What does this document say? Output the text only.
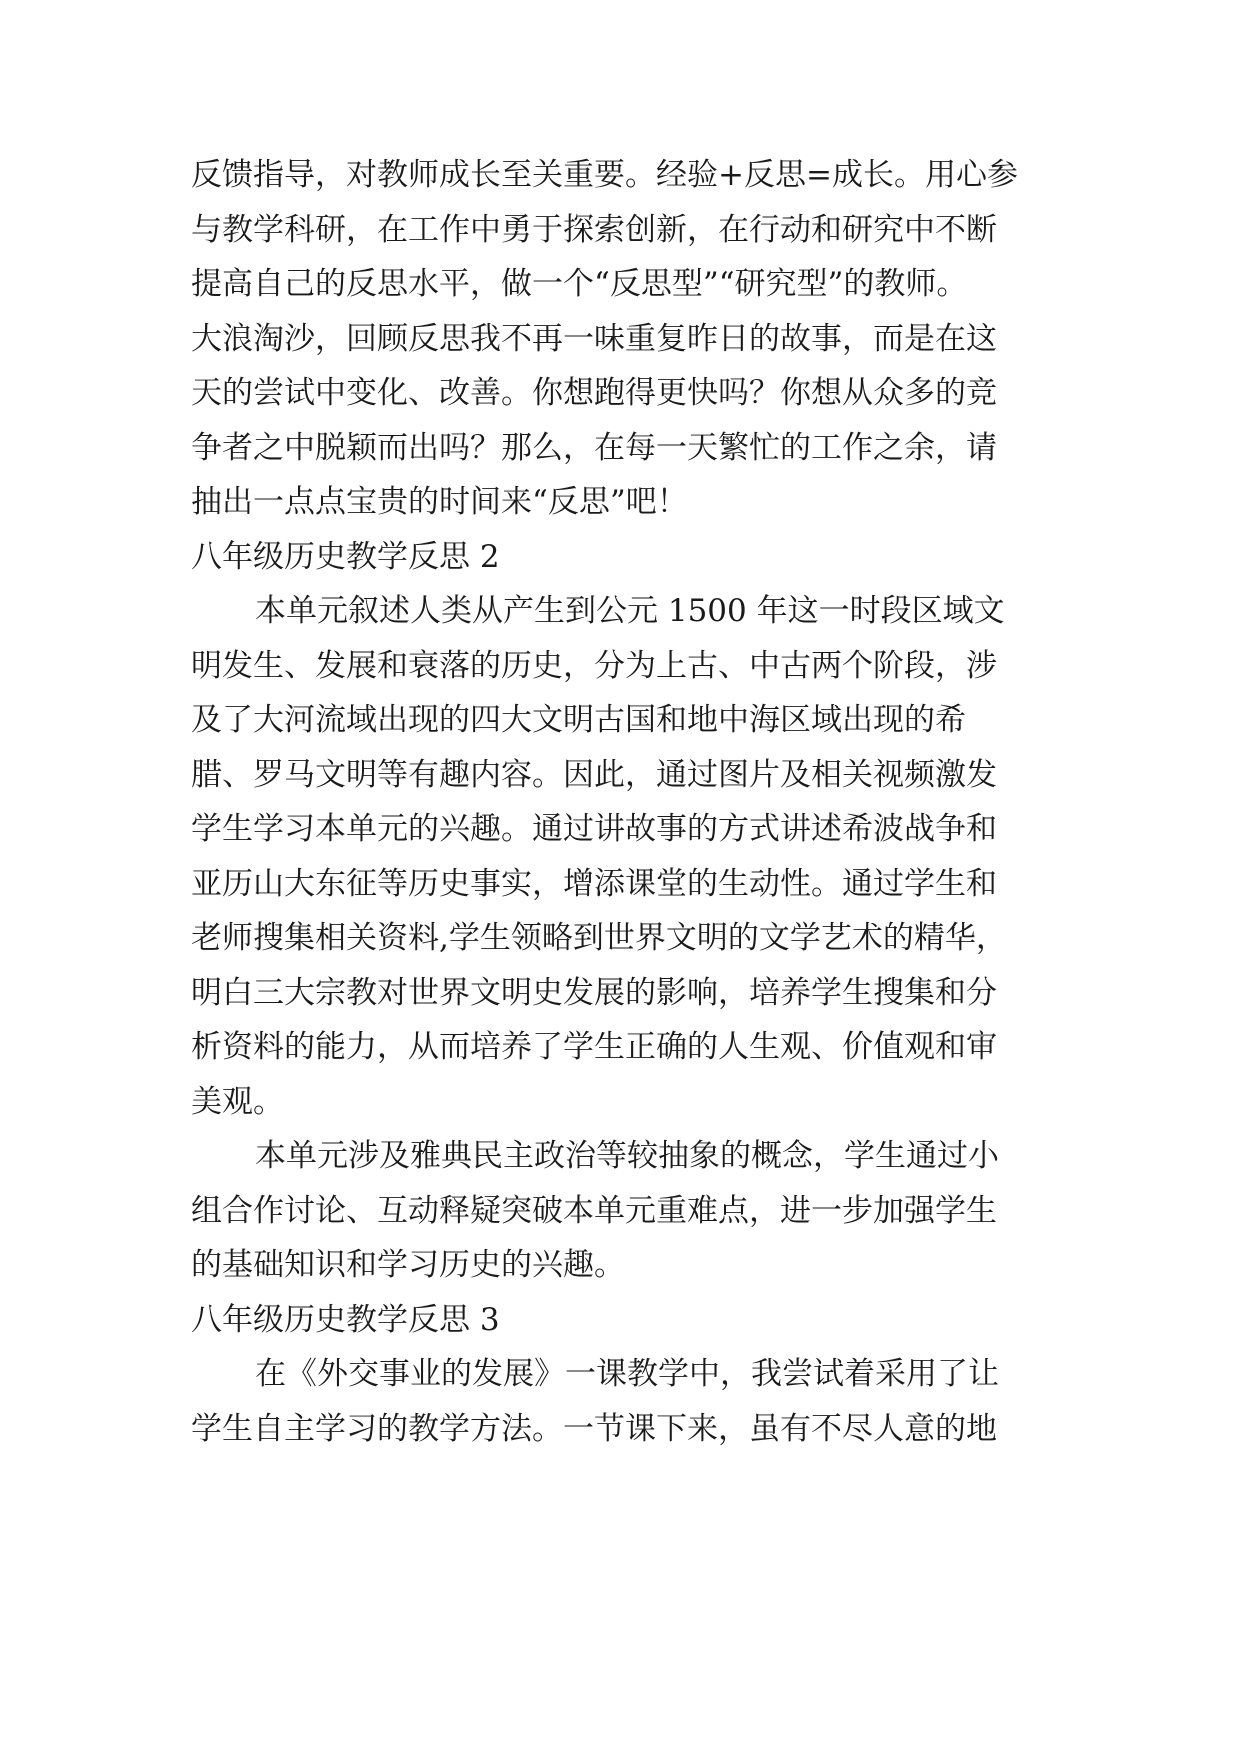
反馈指导，对教师成长至关重要。经验+反思=成长。用心参
与教学科研，在工作中勇于探索创新，在行动和研究中不断
提高自己的反思水平，做一个“反思型”“研究型”的教师。
大浪淘沙，回顾反思我不再一味重复昨日的故事，而是在这
天的尝试中变化、改善。你想跑得更快吗？你想从众多的竞
争者之中脱颖而出吗？那么，在每一天繁忙的工作之余，请
抽出一点点宝贵的时间来“反思”吧！
八年级历史教学反思 2
本单元叙述人类从产生到公元 1500 年这一时段区域文
明发生、发展和衰落的历史，分为上古、中古两个阶段，涉
及了大河流域出现的四大文明古国和地中海区域出现的希
腊、罗马文明等有趣内容。因此，通过图片及相关视频激发
学生学习本单元的兴趣。通过讲故事的方式讲述希波战争和
亚历山大东征等历史事实，增添课堂的生动性。通过学生和
老师搜集相关资料,学生领略到世界文明的文学艺术的精华，
明白三大宗教对世界文明史发展的影响，培养学生搜集和分
析资料的能力，从而培养了学生正确的人生观、价值观和审
美观。
本单元涉及雅典民主政治等较抽象的概念，学生通过小
组合作讨论、互动释疑突破本单元重难点，进一步加强学生
的基础知识和学习历史的兴趣。
八年级历史教学反思 3
在《外交事业的发展》一课教学中，我尝试着采用了让
学生自主学习的教学方法。一节课下来，虽有不尽人意的地
